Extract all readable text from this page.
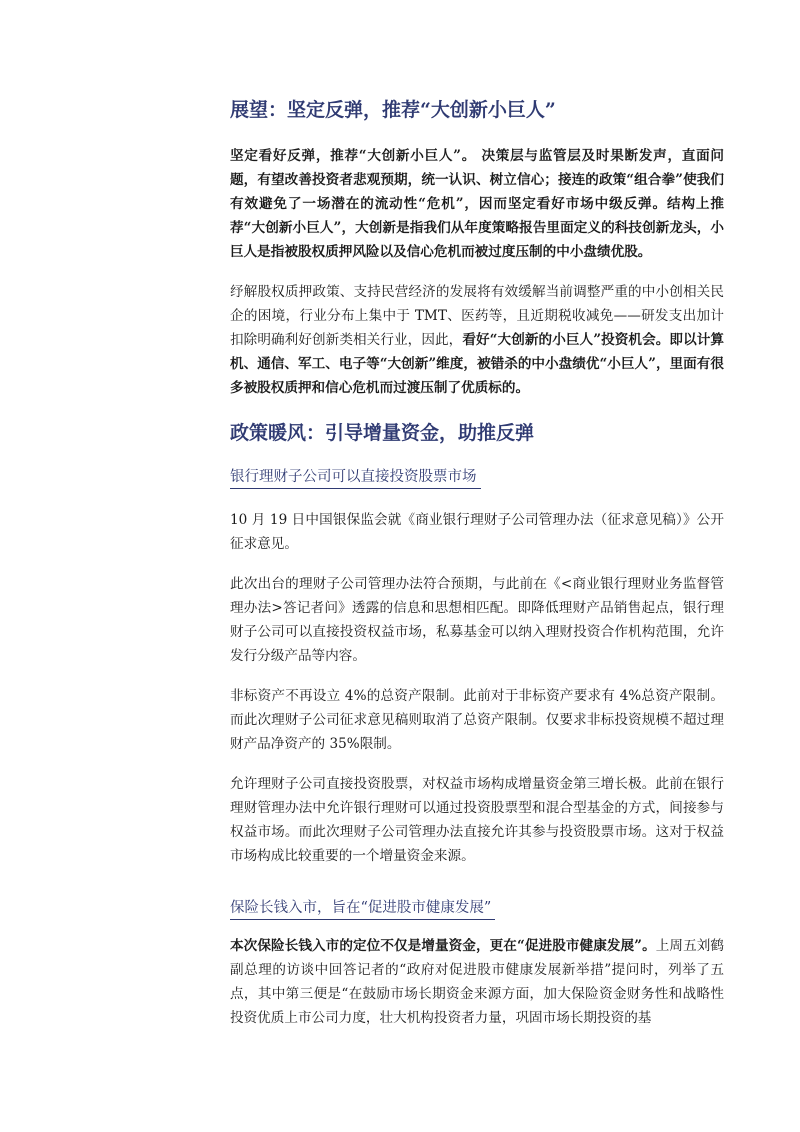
展望：坚定反弹，推荐“大创新小巨人”

坚定看好反弹，推荐“大创新小巨人”。 决策层与监管层及时果断发声，直面问题，有望改善投资者悲观预期，统一认识、树立信心；接连的政策“组合拳”使我们有效避免了一场潜在的流动性“危机”，因而坚定看好市场中级反弹。结构上推荐“大创新小巨人”，大创新是指我们从年度策略报告里面定义的科技创新龙头，小巨人是指被股权质押风险以及信心危机而被过度压制的中小盘绩优股。

纾解股权质押政策、支持民营经济的发展将有效缓解当前调整严重的中小创相关民企的困境，行业分布上集中于 TMT、医药等，且近期税收减免——研发支出加计扣除明确利好创新类相关行业，因此，看好“大创新的小巨人”投资机会。即以计算机、通信、军工、电子等“大创新”维度，被错杀的中小盘绩优“小巨人”，里面有很多被股权质押和信心危机而过渡压制了优质标的。

政策暖风：引导增量资金，助推反弹
银行理财子公司可以直接投资股票市场

10 月 19 日中国银保监会就《商业银行理财子公司管理办法（征求意见稿）》公开征求意见。

此次出台的理财子公司管理办法符合预期，与此前在《<商业银行理财业务监督管理办法>答记者问》透露的信息和思想相匹配。即降低理财产品销售起点，银行理财子公司可以直接投资权益市场，私募基金可以纳入理财投资合作机构范围，允许发行分级产品等内容。

非标资产不再设立 4%的总资产限制。此前对于非标资产要求有 4%总资产限制。而此次理财子公司征求意见稿则取消了总资产限制。仅要求非标投资规模不超过理财产品净资产的 35%限制。

允许理财子公司直接投资股票，对权益市场构成增量资金第三增长极。此前在银行理财管理办法中允许银行理财可以通过投资股票型和混合型基金的方式，间接参与权益市场。而此次理财子公司管理办法直接允许其参与投资股票市场。这对于权益市场构成比较重要的一个增量资金来源。

保险长钱入市，旨在“促进股市健康发展”

本次保险长钱入市的定位不仅是增量资金，更在“促进股市健康发展”。上周五刘鹤副总理的访谈中回答记者的“政府对促进股市健康发展新举措”提问时，列举了五点，其中第三便是“在鼓励市场长期资金来源方面，加大保险资金财务性和战略性投资优质上市公司力度，壮大机构投资者力量，巩固市场长期投资的基
